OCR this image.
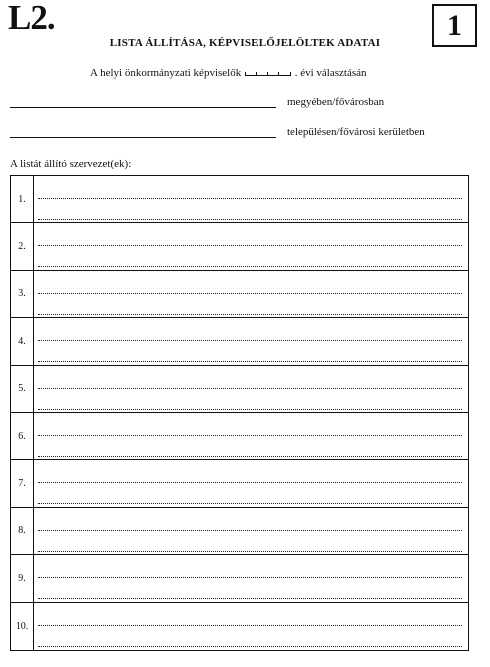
L2.	1
LISTA ÁLLÍTÁSA, KÉPVISELŐJELÖLTEK ADATAI
A helyi önkormányzati képviselők	. évi választásán
megyében/fővárosban
településen/fővárosi kerületben
A listát állító szervezet(ek):
1.
2.
3.
4.
5.
6.
7.
8.
9.
10.
